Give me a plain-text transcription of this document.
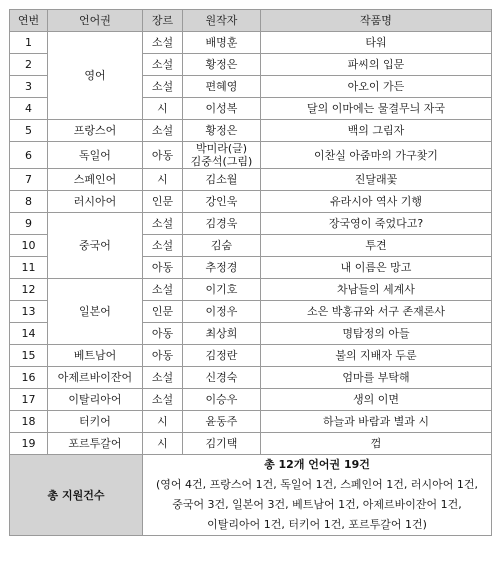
연번	언어권	장르	원작자	작품명
1	영어	소설	배명훈	타워
2		소설	황정은	파씨의 입문
3		소설	편혜영	아오이 가든
4		시	이성복	달의 이마에는 물결무늬 자국
5	프랑스어	소설	황정은	백의 그림자
6	독일어	아동	박미라(글)
김중석(그림)	이찬실 아줌마의 가구찾기
7	스페인어	시	김소월	진달래꽃
8	러시아어	인문	강인욱	유라시아 역사 기행
9	중국어	소설	김경욱	장국영이 죽었다고?
10		소설	김숨	투견
11		아동	추정경	내 이름은 망고
12	일본어	소설	이기호	차남들의 세계사
13		인문	이정우	소은 박홍규와 서구 존재론사
14		아동	최상희	명탐정의 아들
15	베트남어	아동	김정란	불의 지배자 두룬
16	아제르바이잔어	소설	신경숙	엄마를 부탁해
17	이탈리아어	소설	이승우	생의 이면
18	터키어	시	윤동주	하늘과 바람과 별과 시
19	포르투갈어	시	김기택	껌
총 지원건수		총 12개 언어권 19건
(영어 4건, 프랑스어 1건, 독일어 1건, 스페인어 1건, 러시아어 1건,
중국어 3건, 일본어 3건, 베트남어 1건, 아제르바이잔어 1건,
이탈리아어 1건, 터키어 1건, 포르투갈어 1건)		
